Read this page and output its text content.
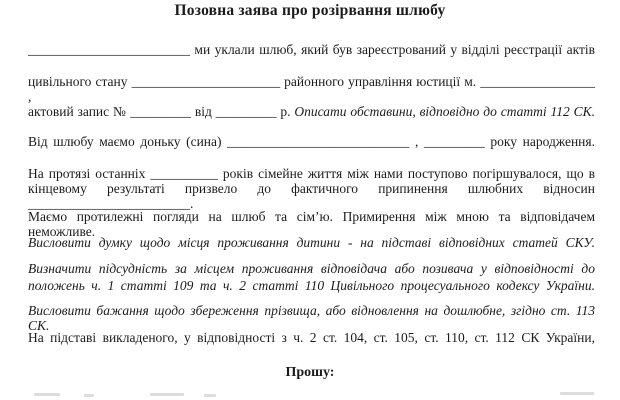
Позовна заява про розірвання шлюбу

________________________ ми уклали шлюб, який був зареєстрований у відділі реєстрації актів

цивільного стану ______________________ районного управління юстиції м. _________________ ,

актовий запис № _________ від _________ р. Описати обставини, відповідно до статті 112 СК.

Від шлюбу маємо доньку (сина) ___________________________ , _________ року народження.

На протязі останніх __________ років сімейне життя між нами поступово погіршувалося, що в кінцевому результаті призвело до фактичного припинення шлюбних відносин ________________________.

Маємо протилежні погляди на шлюб та сім’ю. Примирення між мною та відповідачем неможливе.

Висловити думку щодо місця проживання дитини - на підставі відповідних статей СКУ.

Визначити підсудність за місцем проживання відповідача або позивача у відповідності до положень ч. 1 статті 109 та ч. 2 статті 110 Цивільного процесуального кодексу України.

Висловити бажання щодо збереження прізвища, або відновлення на дошлюбне, згідно ст. 113 СК.

На підставі викладеного, у відповідності з ч. 2 ст. 104, ст. 105, ст. 110, ст. 112 СК України,

Прошу:
